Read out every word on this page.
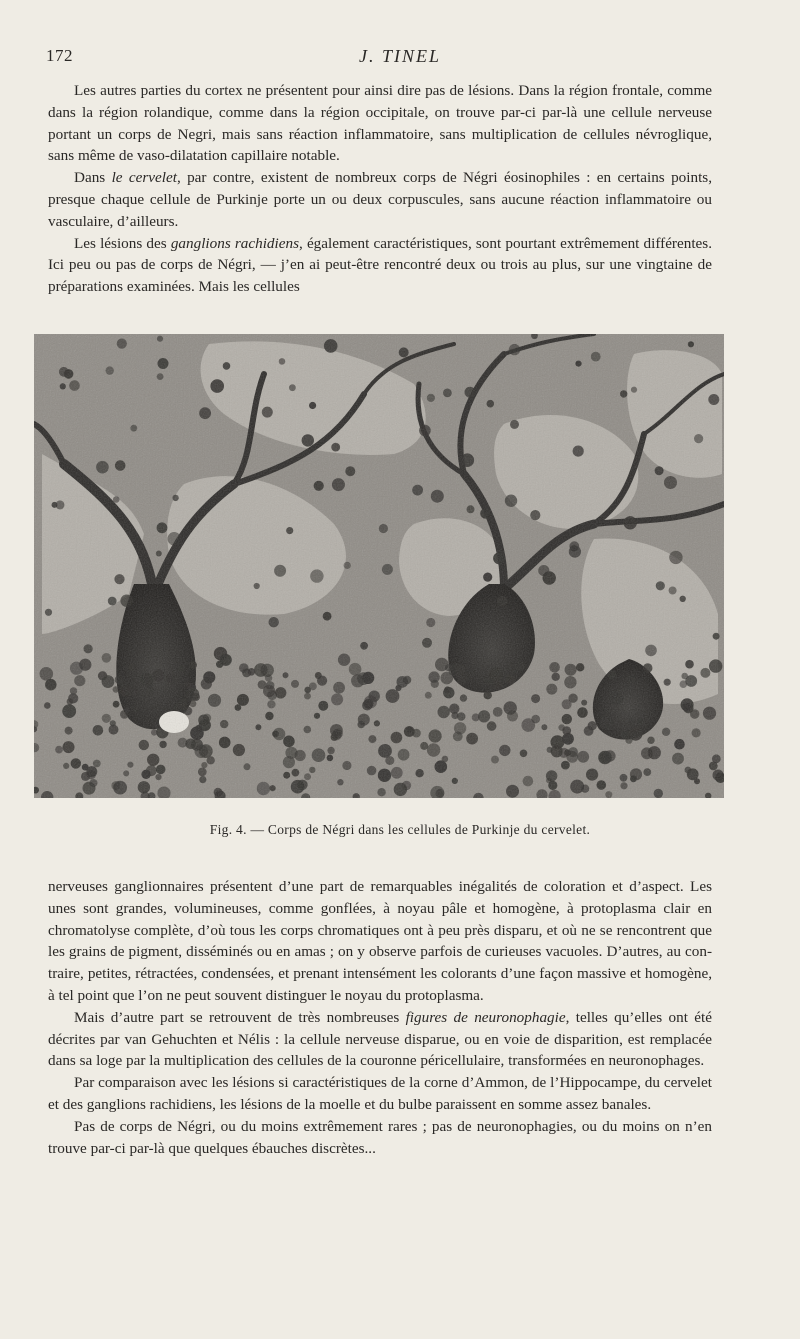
172	J. TINEL

Les autres parties du cortex ne présentent pour ainsi dire pas de lésions. Dans la région frontale, comme dans la région rolandique, comme dans la région occipitale, on trouve par-ci par-là une cellule nerveuse portant un corps de Negri, mais sans réaction inflammatoire, sans multiplication de cellules névroglique, sans même de vaso-dilatation capillaire notable.

Dans le cervelet, par contre, existent de nombreux corps de Négri éosinophiles : en certains points, presque chaque cellule de Purkinje porte un ou deux corpuscules, sans aucune réaction inflammatoire ou vasculaire, d’ailleurs.

Les lésions des ganglions rachidiens, également caractéristiques, sont pourtant extrêmement différentes. Ici peu ou pas de corps de Négri, — j’en ai peut-être rencontré deux ou trois au plus, sur une vingtaine de préparations examinées. Mais les cellules

Fig. 4. — Corps de Négri dans les cellules de Purkinje du cervelet.

nerveuses ganglionnaires présentent d’une part de remarquables inégalités de coloration et d’aspect. Les unes sont grandes, volumineuses, comme gonflées, à noyau pâle et homogène, à protoplasma clair en chromatolyse complète, d’où tous les corps chromatiques ont à peu près disparu, et où ne se rencontrent que les grains de pigment, disséminés ou en amas ; on y observe parfois de curieuses vacuoles. D’autres, au contraire, petites, rétractées, condensées, et prenant intensément les colorants d’une façon massive et homogène, à tel point que l’on ne peut souvent distinguer le noyau du protoplasma.

Mais d’autre part se retrouvent de très nombreuses figures de neuronophagie, telles qu’elles ont été décrites par van Gehuchten et Nélis : la cellule nerveuse disparue, ou en voie de disparition, est remplacée dans sa loge par la multiplication des cellules de la couronne péricellulaire, transformées en neuronophages.

Par comparaison avec les lésions si caractéristiques de la corne d’Ammon, de l’Hippocampe, du cervelet et des ganglions rachidiens, les lésions de la moelle et du bulbe paraissent en somme assez banales.

Pas de corps de Négri, ou du moins extrêmement rares ; pas de neuronophagies, ou du moins on n’en trouve par-ci par-là que quelques ébauches discrètes...
